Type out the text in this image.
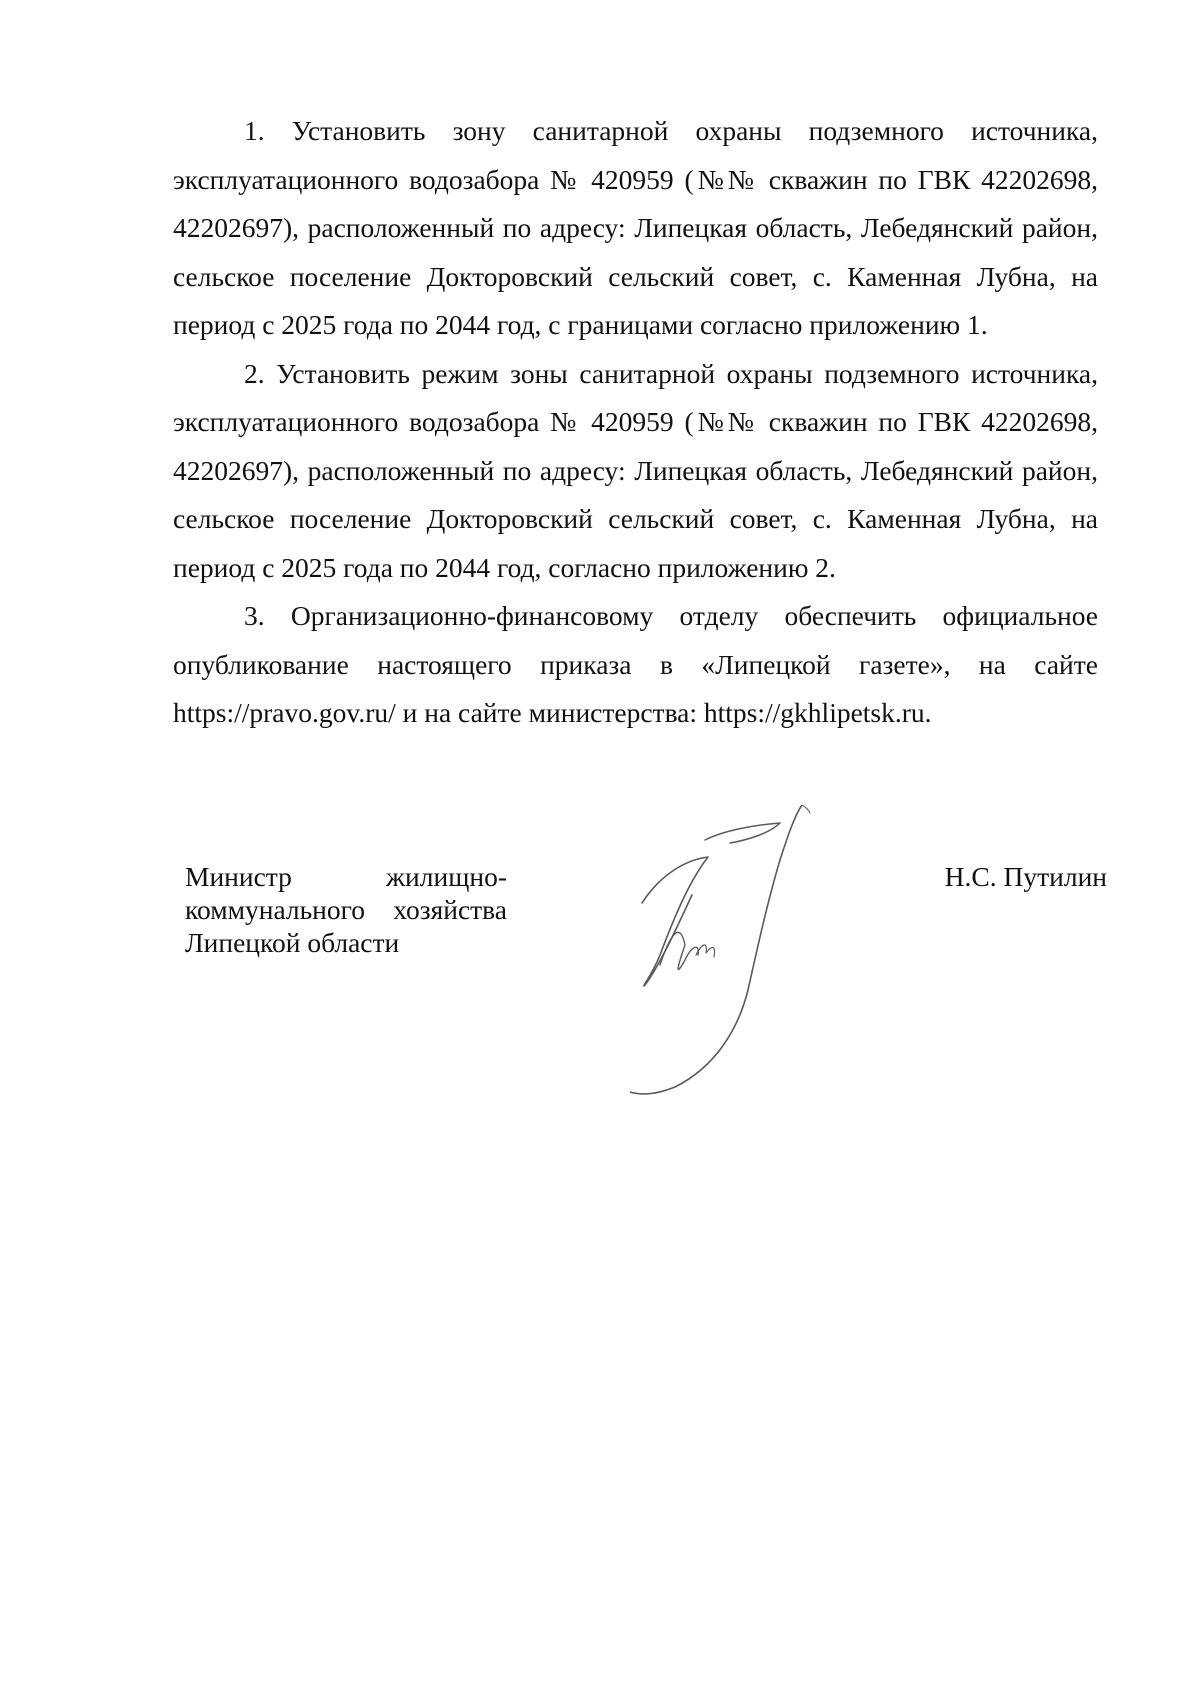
1. Установить зону санитарной охраны подземного источника, эксплуатационного водозабора № 420959 (№№ скважин по ГВК 42202698, 42202697), расположенный по адресу: Липецкая область, Лебедянский район, сельское поселение Докторовский сельский совет, с. Каменная Лубна, на период с 2025 года по 2044 год, с границами согласно приложению 1.

2. Установить режим зоны санитарной охраны подземного источника, эксплуатационного водозабора № 420959 (№№ скважин по ГВК 42202698, 42202697), расположенный по адресу: Липецкая область, Лебедянский район, сельское поселение Докторовский сельский совет, с. Каменная Лубна, на период с 2025 года по 2044 год, согласно приложению 2.

3. Организационно-финансовому отделу обеспечить официальное опубликование настоящего приказа в «Липецкой газете», на сайте https://pravo.gov.ru/ и на сайте министерства: https://gkhlipetsk.ru.

Министр жилищно-
коммунального хозяйства
Липецкой области
Н.С. Путилин
